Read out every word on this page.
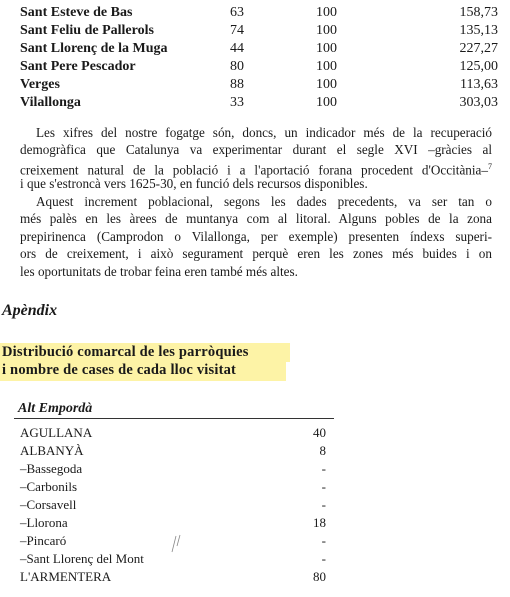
Sant Esteve de Bas	63	100	158,73
Sant Feliu de Pallerols	74	100	135,13
Sant Llorenç de la Muga	44	100	227,27
Sant Pere Pescador	80	100	125,00
Verges	88	100	113,63
Vilallonga	33	100	303,03
Les xifres del nostre fogatge són, doncs, un indicador més de la recuperació
demogràfica que Catalunya va experimentar durant el segle XVI –gràcies al
creixement natural de la població i a l'aportació forana procedent d'Occitània–$^7$
i que s'estroncà vers 1625-30, en funció dels recursos disponibles.
Aquest increment poblacional, segons les dades precedents, va ser tan o
més palès en les àrees de muntanya com al litoral. Alguns pobles de la zona
prepirinenca (Camprodon o Vilallonga, per exemple) presenten índexs superi-
ors de creixement, i això segurament perquè eren les zones més buides i on
les oportunitats de trobar feina eren també més altes.
Apèndix
Distribució comarcal de les parròquies
i nombre de cases de cada lloc visitat
Alt Empordà
AGULLANA	40
ALBANYÀ	8
–Bassegoda	-
–Carbonils	-
–Corsavell	-
–Llorona	18
–Pincaró	-
–Sant Llorenç del Mont	-
L'ARMENTERA	80
